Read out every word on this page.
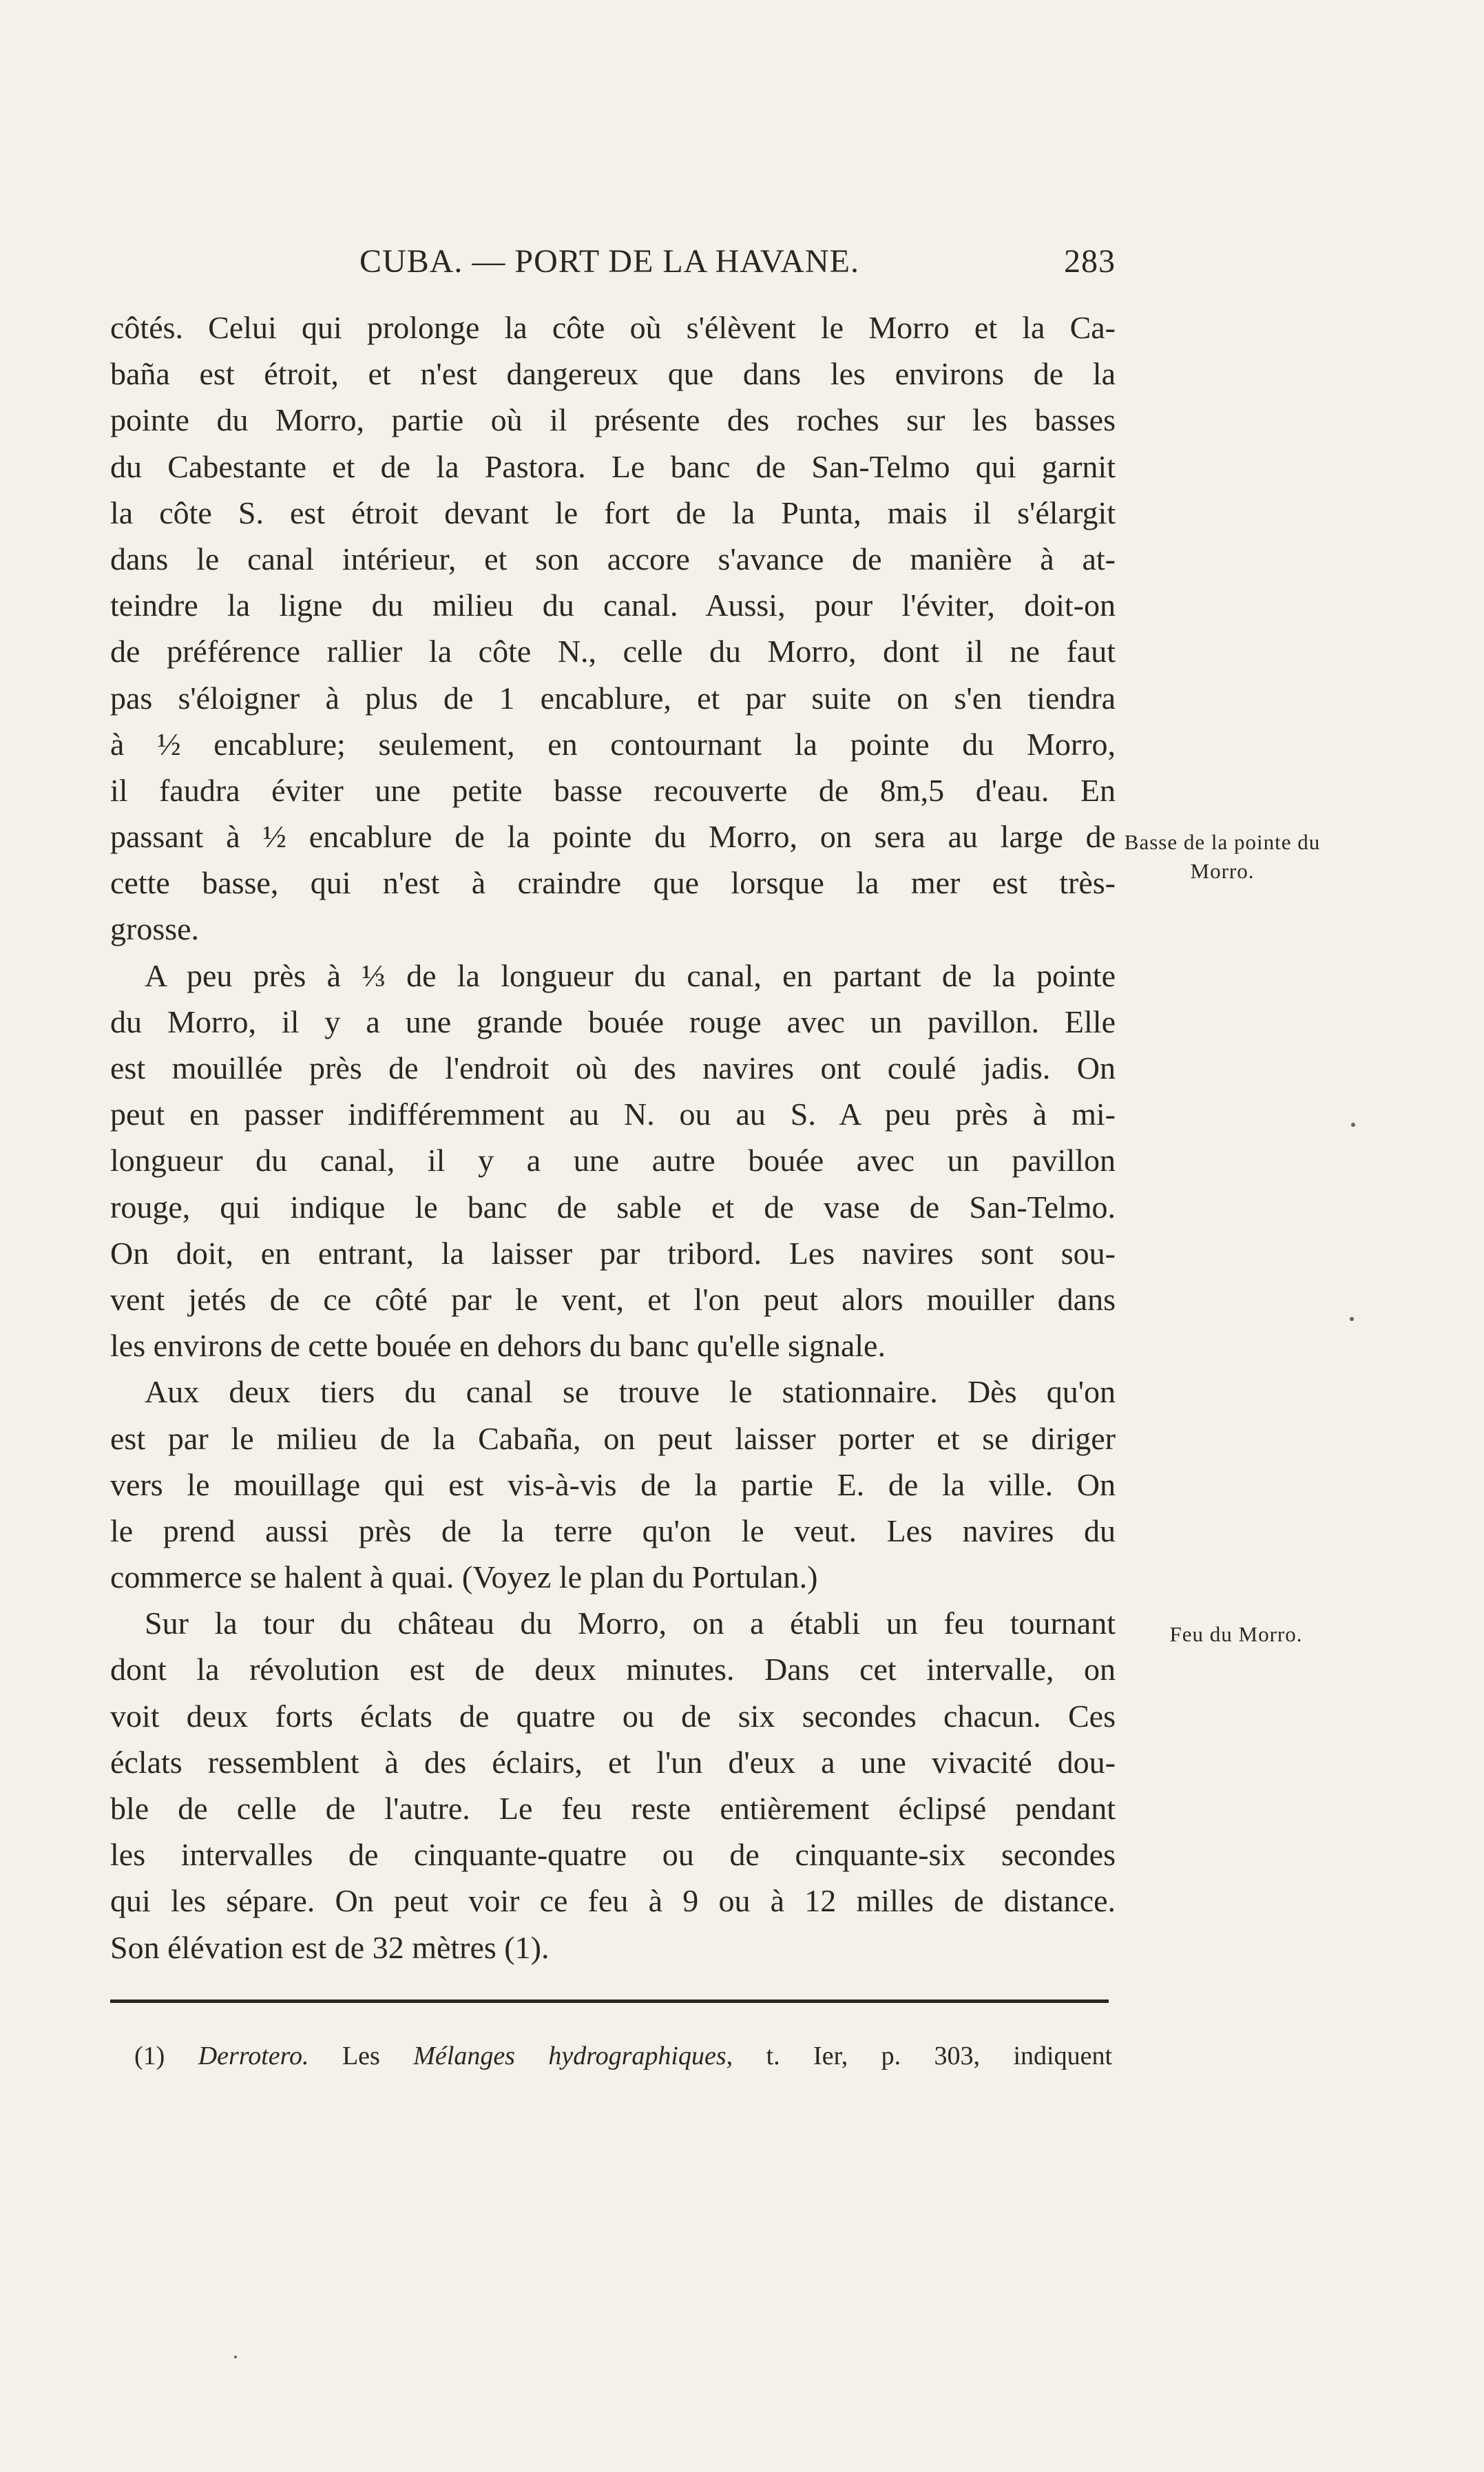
CUBA. — PORT DE LA HAVANE.	283
côtés. Celui qui prolonge la côte où s'élèvent le Morro et la Ca-
baña est étroit, et n'est dangereux que dans les environs de la
pointe du Morro, partie où il présente des roches sur les basses
du Cabestante et de la Pastora. Le banc de San-Telmo qui garnit
la côte S. est étroit devant le fort de la Punta, mais il s'élargit
dans le canal intérieur, et son accore s'avance de manière à at-
teindre la ligne du milieu du canal. Aussi, pour l'éviter, doit-on
de préférence rallier la côte N., celle du Morro, dont il ne faut
pas s'éloigner à plus de 1 encablure, et par suite on s'en tiendra
à ½ encablure; seulement, en contournant la pointe du Morro,
il faudra éviter une petite basse recouverte de 8m,5 d'eau. En
passant à ½ encablure de la pointe du Morro, on sera au large de
cette basse, qui n'est à craindre que lorsque la mer est très-
grosse.
A peu près à ⅓ de la longueur du canal, en partant de la pointe
du Morro, il y a une grande bouée rouge avec un pavillon. Elle
est mouillée près de l'endroit où des navires ont coulé jadis. On
peut en passer indifféremment au N. ou au S. A peu près à mi-
longueur du canal, il y a une autre bouée avec un pavillon
rouge, qui indique le banc de sable et de vase de San-Telmo.
On doit, en entrant, la laisser par tribord. Les navires sont sou-
vent jetés de ce côté par le vent, et l'on peut alors mouiller dans
les environs de cette bouée en dehors du banc qu'elle signale.
Aux deux tiers du canal se trouve le stationnaire. Dès qu'on
est par le milieu de la Cabaña, on peut laisser porter et se diriger
vers le mouillage qui est vis-à-vis de la partie E. de la ville. On
le prend aussi près de la terre qu'on le veut. Les navires du
commerce se halent à quai. (Voyez le plan du Portulan.)
Sur la tour du château du Morro, on a établi un feu tournant
dont la révolution est de deux minutes. Dans cet intervalle, on
voit deux forts éclats de quatre ou de six secondes chacun. Ces
éclats ressemblent à des éclairs, et l'un d'eux a une vivacité dou-
ble de celle de l'autre. Le feu reste entièrement éclipsé pendant
les intervalles de cinquante-quatre ou de cinquante-six secondes
qui les sépare. On peut voir ce feu à 9 ou à 12 milles de distance.
Son élévation est de 32 mètres (1).
Basse de la pointe du Morro.
Feu du Morro.
(1) Derrotero. Les Mélanges hydrographiques, t. Ier, p. 303, indiquent
